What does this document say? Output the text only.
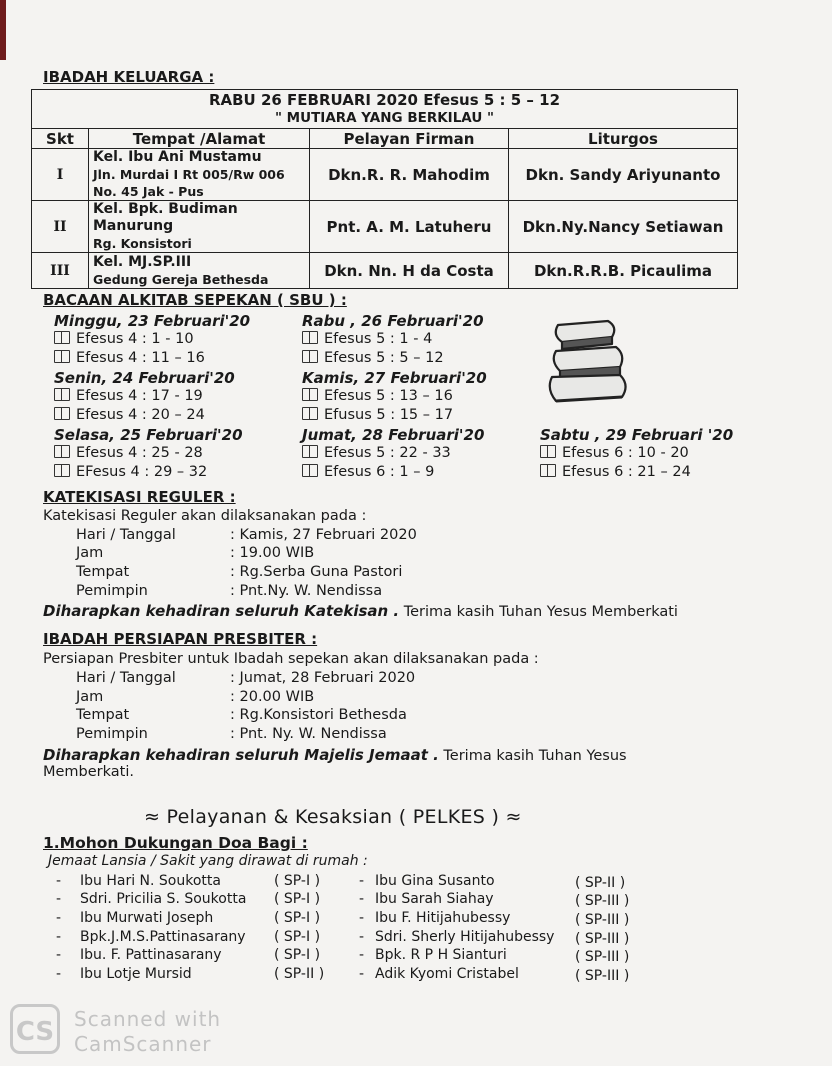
IBADAH KELUARGA :
RABU 26 FEBRUARI 2020 Efesus 5 : 5 – 12
" MUTIARA YANG BERKILAU "			

Skt	Tempat /Alamat	Pelayan Firman	Liturgos
I	Kel. Ibu Ani Mustamu
Jln. Murdai I Rt 005/Rw 006
No. 45 Jak - Pus	Dkn.R. R. Mahodim	Dkn. Sandy Ariyunanto
II	Kel. Bpk. Budiman Manurung
Rg. Konsistori	Pnt. A. M. Latuheru	Dkn.Ny.Nancy Setiawan
III	Kel. MJ.SP.III
Gedung Gereja Bethesda	Dkn. Nn. H da Costa	Dkn.R.R.B. Picaulima
BACAAN ALKITAB SEPEKAN ( SBU ) :
Minggu, 23 Februari'20
Efesus 4 : 1 - 10
Efesus 4 : 11 – 16
Senin, 24 Februari'20
Efesus 4 : 17 - 19
Efesus 4 : 20 – 24
Selasa, 25 Februari'20
Efesus 4 : 25 - 28
EFesus 4 : 29 – 32
Rabu , 26 Februari'20
Efesus 5 : 1 - 4
Efesus 5 : 5 – 12
Kamis, 27 Februari'20
Efesus 5 : 13 – 16
Efusus 5 : 15 – 17
Jumat, 28 Februari'20
Efesus 5 : 22 - 33
Efesus 6 : 1 – 9
Sabtu , 29 Februari '20
Efesus 6 : 10 - 20
Efesus 6 : 21 – 24
KATEKISASI REGULER :
Katekisasi Reguler akan dilaksanakan pada :
Hari / Tanggal	: Kamis, 27 Februari 2020
Jam	: 19.00 WIB
Tempat	: Rg.Serba Guna Pastori
Pemimpin	: Pnt.Ny. W. Nendissa
Diharapkan kehadiran seluruh Katekisan . Terima kasih Tuhan Yesus Memberkati
IBADAH PERSIAPAN PRESBITER :
Persiapan Presbiter untuk Ibadah sepekan akan dilaksanakan pada :
Hari / Tanggal	: Jumat, 28 Februari 2020
Jam	: 20.00 WIB
Tempat	: Rg.Konsistori Bethesda
Pemimpin	: Pnt. Ny. W. Nendissa
Diharapkan kehadiran seluruh Majelis Jemaat . Terima kasih Tuhan Yesus
Memberkati.
≈ Pelayanan & Kesaksian ( PELKES ) ≈
1.Mohon Dukungan Doa Bagi :
Jemaat Lansia / Sakit yang dirawat di rumah :
- Ibu Hari N. Soukotta	( SP-I )
- Sdri. Pricilia S. Soukotta ( SP-I )
- Ibu Murwati Joseph	( SP-I )
- Bpk.J.M.S.Pattinasarany ( SP-I )
- Ibu. F. Pattinasarany	( SP-I )
- Ibu Lotje Mursid	( SP-II )
- Ibu Gina Susanto	( SP-II )
- Ibu Sarah Siahay	( SP-III )
- Ibu F. Hitijahubessy	( SP-III )
- Sdri. Sherly Hitijahubessy ( SP-III )
- Bpk. R P H Sianturi	( SP-III )
- Adik Kyomi Cristabel	( SP-III )
CS Scanned with
CamScanner
